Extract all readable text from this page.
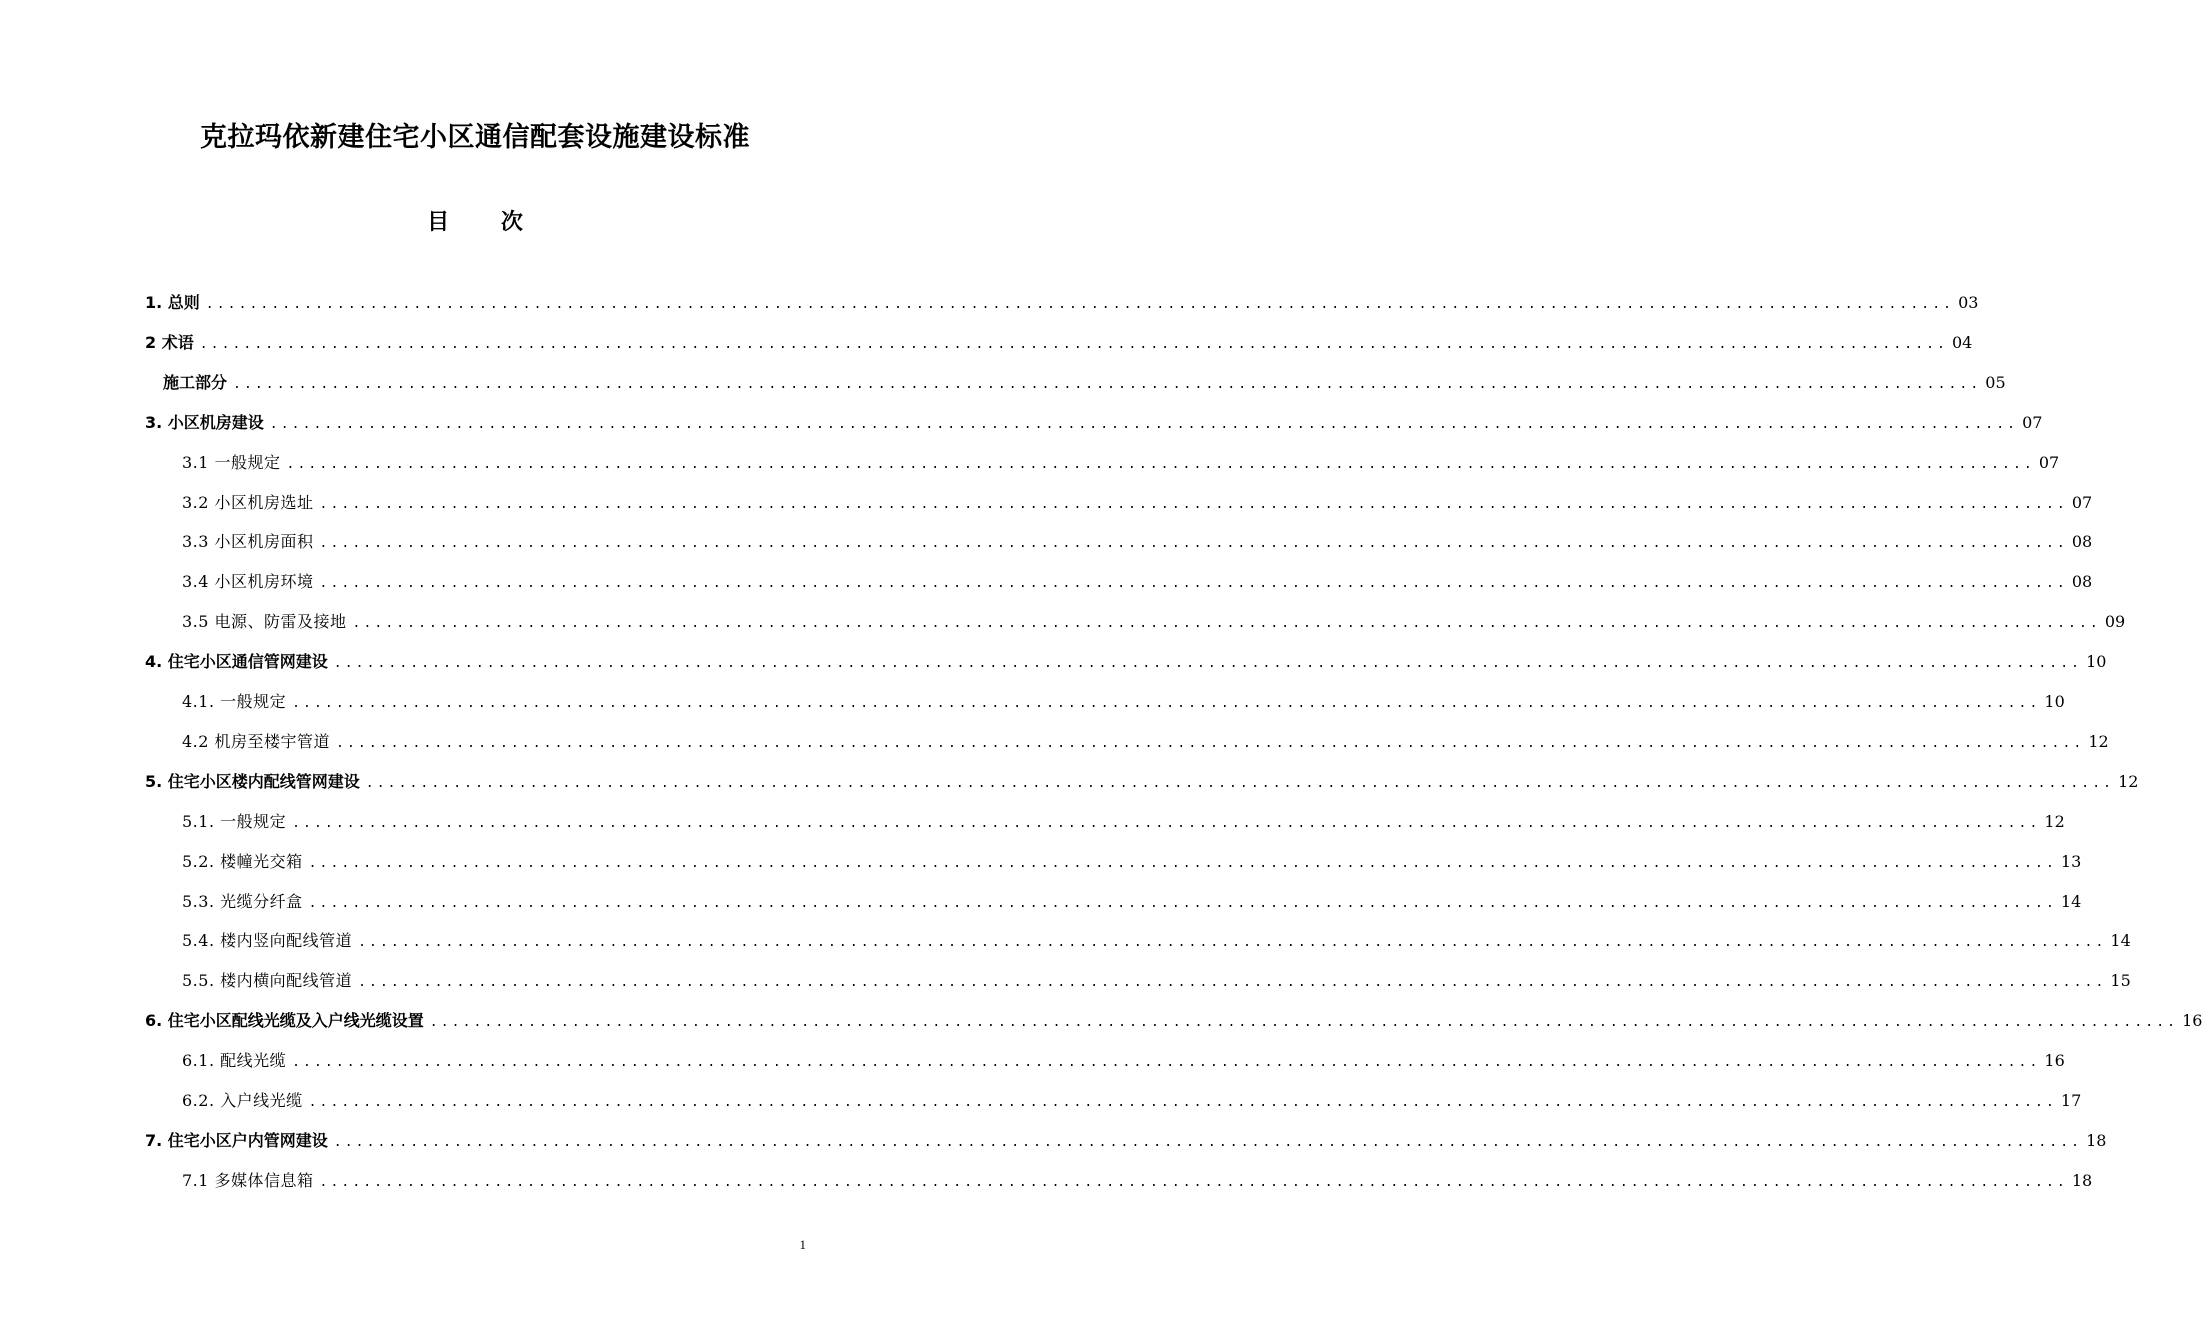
克拉玛依新建住宅小区通信配套设施建设标准
目 次
1. 总则 ................................................................................................................................................................ 03
2 术语 ................................................................................................................................................................ 04
施工部分 ................................................................................................................................................................ 05
3. 小区机房建设 ................................................................................................................................................................ 07
3.1 一般规定 ................................................................................................................................................................ 07
3.2 小区机房选址 ................................................................................................................................................................ 07
3.3 小区机房面积 ................................................................................................................................................................ 08
3.4 小区机房环境 ................................................................................................................................................................ 08
3.5 电源、防雷及接地 ................................................................................................................................................................ 09
4. 住宅小区通信管网建设 ................................................................................................................................................................ 10
4.1. 一般规定 ................................................................................................................................................................ 10
4.2 机房至楼宇管道 ................................................................................................................................................................ 12
5. 住宅小区楼内配线管网建设 ................................................................................................................................................................ 12
5.1. 一般规定 ................................................................................................................................................................ 12
5.2. 楼幢光交箱 ................................................................................................................................................................ 13
5.3. 光缆分纤盒 ................................................................................................................................................................ 14
5.4. 楼内竖向配线管道 ................................................................................................................................................................ 14
5.5. 楼内横向配线管道 ................................................................................................................................................................ 15
6. 住宅小区配线光缆及入户线光缆设置 ................................................................................................................................................................ 16
6.1. 配线光缆 ................................................................................................................................................................ 16
6.2. 入户线光缆 ................................................................................................................................................................ 17
7. 住宅小区户内管网建设 ................................................................................................................................................................ 18
7.1 多媒体信息箱 ................................................................................................................................................................ 18
1
